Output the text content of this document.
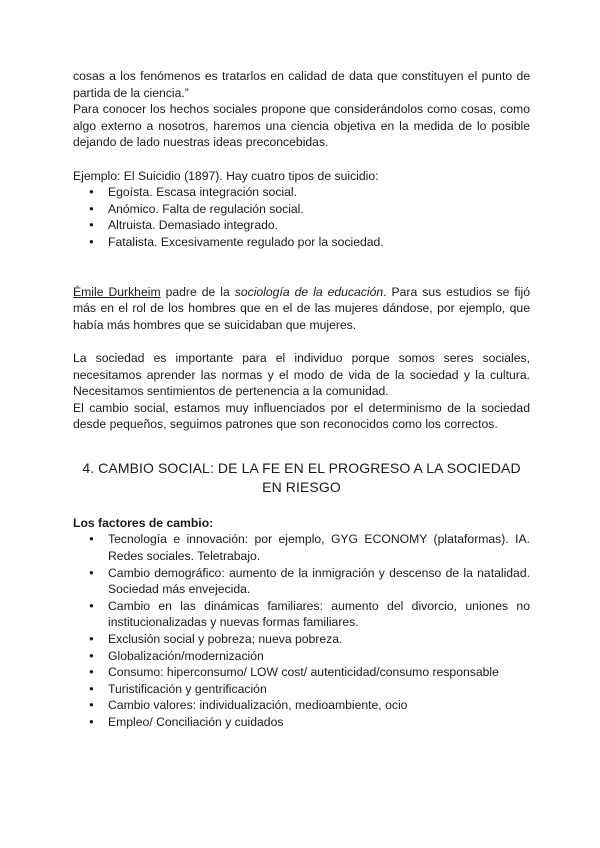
cosas a los fenómenos es tratarlos en calidad de data que constituyen el punto de partida de la ciencia.”

Para conocer los hechos sociales propone que considerándolos como cosas, como algo externo a nosotros, haremos una ciencia objetiva en la medida de lo posible dejando de lado nuestras ideas preconcebidas.

Ejemplo: El Suicidio (1897). Hay cuatro tipos de suicidio:

● Egoísta. Escasa integración social.
● Anómico. Falta de regulación social.
● Altruista. Demasiado integrado.
● Fatalista. Excesivamente regulado por la sociedad.

Émile Durkheim padre de la sociología de la educación. Para sus estudios se fijó más en el rol de los hombres que en el de las mujeres dándose, por ejemplo, que había más hombres que se suicidaban que mujeres.

La sociedad es importante para el individuo porque somos seres sociales, necesitamos aprender las normas y el modo de vida de la sociedad y la cultura. Necesitamos sentimientos de pertenencia a la comunidad.

El cambio social, estamos muy influenciados por el determinismo de la sociedad desde pequeños, seguimos patrones que son reconocidos como los correctos.

4. CAMBIO SOCIAL: DE LA FE EN EL PROGRESO A LA SOCIEDAD EN RIESGO

Los factores de cambio:

● Tecnología e innovación: por ejemplo, GYG ECONOMY (plataformas). IA. Redes sociales. Teletrabajo.
● Cambio demográfico: aumento de la inmigración y descenso de la natalidad. Sociedad más envejecida.
● Cambio en las dinámicas familiares: aumento del divorcio, uniones no institucionalizadas y nuevas formas familiares.
● Exclusión social y pobreza; nueva pobreza.
● Globalización/modernización
● Consumo: hiperconsumo/ LOW cost/ autenticidad/consumo responsable
● Turistificación y gentrificación
● Cambio valores: individualización, medioambiente, ocio
● Empleo/ Conciliación y cuidados
